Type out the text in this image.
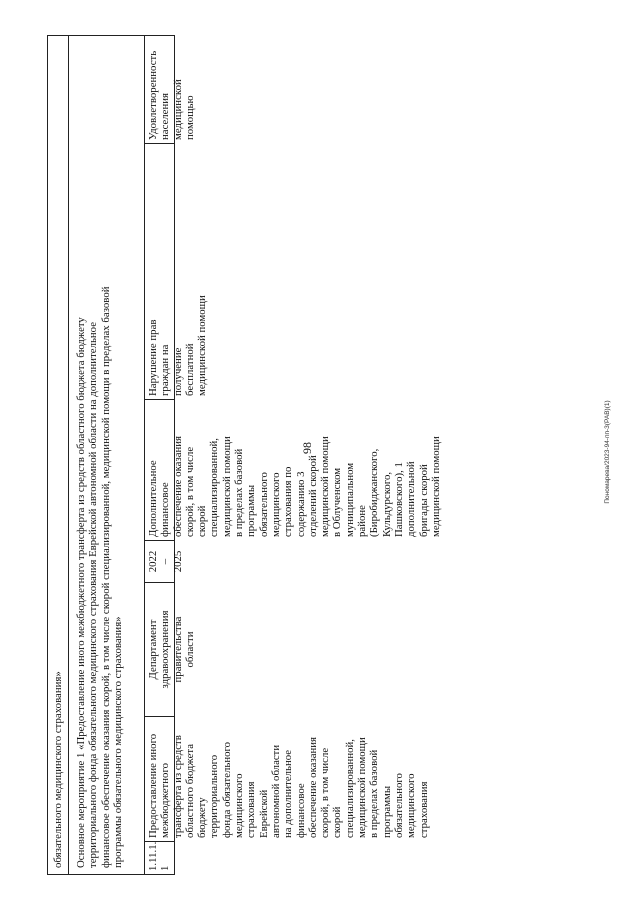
98	Пономарева/2023-94-пп-3(РАВ)(1)
обязательного медицинского страхования»	Основное мероприятие 1 «Предоставление иного межбюджетного трансферта из средств областного бюджета бюджету территориального фонда обязательного медицинского страхования Еврейской автономной области на дополнительное финансовое обеспечение оказания скорой, в том числе скорой специализированной, медицинской помощи в пределах базовой программы обязательного медицинского страхования» 1.11.1. 1
Предоставление иного межбюджетного трансферта из средств областного бюджета бюджету территориального фонда обязательного медицинского страхования Еврейской автономной области на дополнительное финансовое обеспечение оказания скорой, в том числе скорой специализированной, медицинской помощи в пределах базовой программы обязательного медицинского страхования
Департамент здравоохранения правительства области
2022 – 2025
Дополнительное финансовое обеспечение оказания скорой, в том числе скорой специализированной, медицинской помощи в пределах базовой программы обязательного медицинского страхования по содержанию 3 отделений скорой медицинской помощи в Облученском муниципальном районе (Биробиджанского, Кульдурского, Пашковского), 1 дополнительной бригады скорой медицинской помощи
Нарушение прав граждан на получение бесплатной медицинской помощи
Удовлетворенность населения медицинской помощью
